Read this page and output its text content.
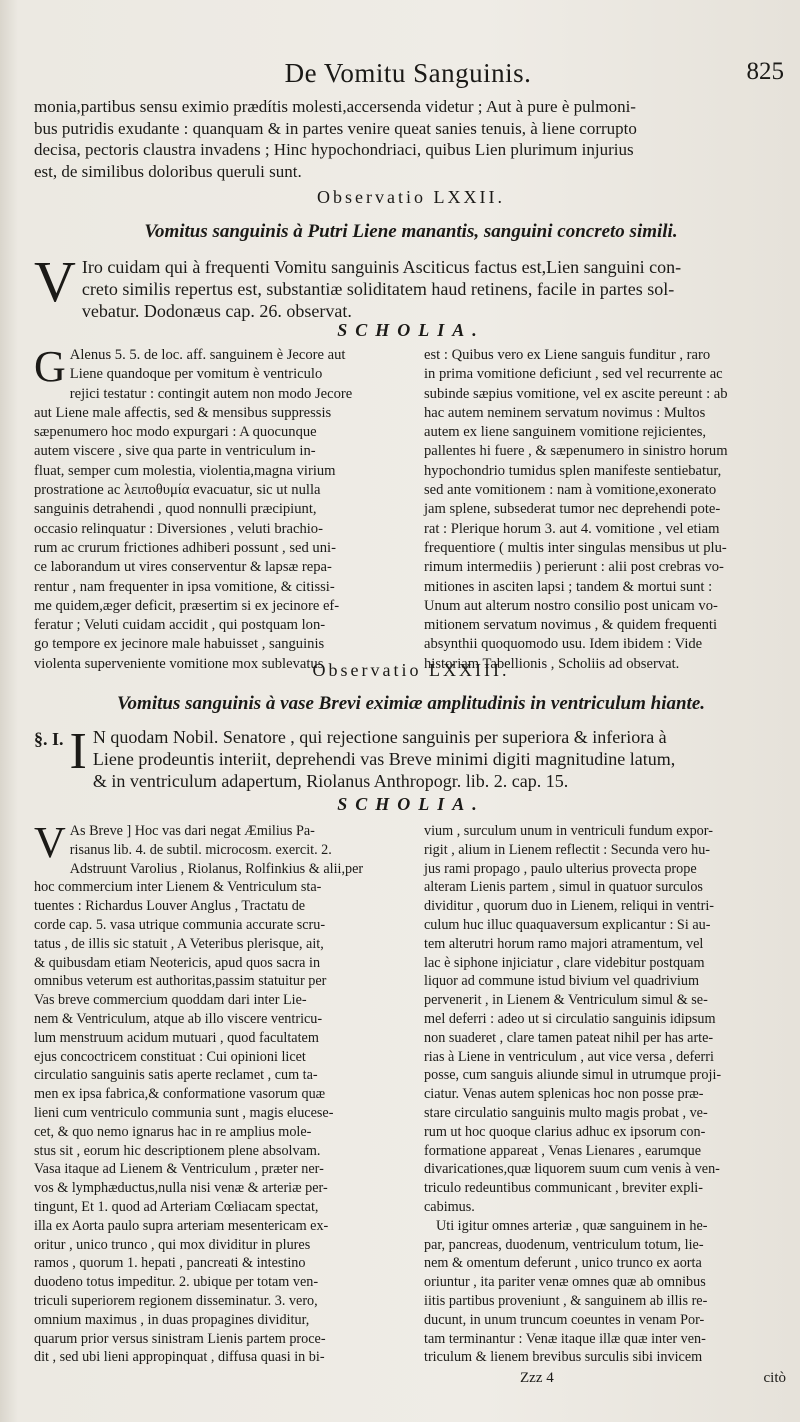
De Vomitu Sanguinis.	825

monia,partibus sensu eximio prædítis molesti,accersenda videtur ; Aut à pure è pulmoni-

bus putridis exudante : quanquam & in partes venire queat sanies tenuis, à liene corrupto

decisa, pectoris claustra invadens ; Hinc hypochondriaci, quibus Lien plurimum injurius

est, de similibus doloribus queruli sunt.

Observatio LXXII.
Vomitus sanguinis à Putri Liene manantis, sanguini concreto simili.
V Iro cuidam qui à frequenti Vomitu sanguinis Asciticus factus est,Lien sanguini con-

creto similis repertus est, substantiæ soliditatem haud retinens, facile in partes sol-

vebatur. Dodonæus cap. 26. observat.

SCHOLIA.
G Alenus 5. 5. de loc. aff. sanguinem è Jecore aut

Liene quandoque per vomitum è ventriculo

rejici testatur : contingit autem non modo Jecore

aut Liene male affectis, sed & mensibus suppressis

sæpenumero hoc modo expurgari : A quocunque

autem viscere , sive qua parte in ventriculum in-

fluat, semper cum molestia, violentia,magna virium

prostratione ac λειποθυμία evacuatur, sic ut nulla

sanguinis detrahendi , quod nonnulli præcipiunt,

occasio relinquatur : Diversiones , veluti brachio-

rum ac crurum frictiones adhiberi possunt , sed uni-

ce laborandum ut vires conserventur & lapsæ repa-

rentur , nam frequenter in ipsa vomitione, & citissi-

me quidem,æger deficit, præsertim si ex jecinore ef-

feratur ; Veluti cuidam accidit , qui postquam lon-

go tempore ex jecinore male habuisset , sanguinis

violenta superveniente vomitione mox sublevatus

est : Quibus vero ex Liene sanguis funditur , raro

in prima vomitione deficiunt , sed vel recurrente ac

subinde sæpius vomitione, vel ex ascite pereunt : ab

hac autem neminem servatum novimus : Multos

autem ex liene sanguinem vomitione rejicientes,

pallentes hi fuere , & sæpenumero in sinistro horum

hypochondrio tumidus splen manifeste sentiebatur,

sed ante vomitionem : nam à vomitione,exonerato

jam splene, subsederat tumor nec deprehendi pote-

rat : Plerique horum 3. aut 4. vomitione , vel etiam

frequentiore ( multis inter singulas mensibus ut plu-

rimum intermediis ) perierunt : alii post crebras vo-

mitiones in asciten lapsi ; tandem & mortui sunt :

Unum aut alterum nostro consilio post unicam vo-

mitionem servatum novimus , & quidem frequenti

absynthii quoquomodo usu. Idem ibidem : Vide

historiam Tabellionis , Scholiis ad observat.

Observatio LXXIII.
Vomitus sanguinis à vase Brevi eximiæ amplitudinis in ventriculum hiante.
§. I. I N quodam Nobil. Senatore , qui rejectione sanguinis per superiora & inferiora à

Liene prodeuntis interiit, deprehendi vas Breve minimi digiti magnitudine latum,

& in ventriculum adapertum, Riolanus Anthropogr. lib. 2. cap. 15.

SCHOLIA.
V As Breve ] Hoc vas dari negat Æmilius Pa-

risanus lib. 4. de subtil. microcosm. exercit. 2.

Adstruunt Varolius , Riolanus, Rolfinkius & alii,per

hoc commercium inter Lienem & Ventriculum sta-

tuentes : Richardus Louver Anglus , Tractatu de

corde cap. 5. vasa utrique communia accurate scru-

tatus , de illis sic statuit , A Veteribus plerisque, ait,

& quibusdam etiam Neotericis, apud quos sacra in

omnibus veterum est authoritas,passim statuitur per

Vas breve commercium quoddam dari inter Lie-

nem & Ventriculum, atque ab illo viscere ventricu-

lum menstruum acidum mutuari , quod facultatem

ejus concoctricem constituat : Cui opinioni licet

circulatio sanguinis satis aperte reclamet , cum ta-

men ex ipsa fabrica,& conformatione vasorum quæ

lieni cum ventriculo communia sunt , magis elucese-

cet, & quo nemo ignarus hac in re amplius mole-

stus sit , eorum hic descriptionem plene absolvam.

Vasa itaque ad Lienem & Ventriculum , præter ner-

vos & lymphæductus,nulla nisi venæ & arteriæ per-

tingunt, Et 1. quod ad Arteriam Cœliacam spectat,

illa ex Aorta paulo supra arteriam mesentericam ex-

oritur , unico trunco , qui mox dividitur in plures

ramos , quorum 1. hepati , pancreati & intestino

duodeno totus impeditur. 2. ubique per totam ven-

triculi superiorem regionem disseminatur. 3. vero,

omnium maximus , in duas propagines dividitur,

quarum prior versus sinistram Lienis partem proce-

dit , sed ubi lieni appropinquat , diffusa quasi in bi-

vium , surculum unum in ventriculi fundum expor-

rigit , alium in Lienem reflectit : Secunda vero hu-

jus rami propago , paulo ulterius provecta prope

alteram Lienis partem , simul in quatuor surculos

dividitur , quorum duo in Lienem, reliqui in ventri-

culum huc illuc quaquaversum explicantur : Si au-

tem alterutri horum ramo majori atramentum, vel

lac è siphone injiciatur , clare videbitur postquam

liquor ad commune istud bivium vel quadrivium

pervenerit , in Lienem & Ventriculum simul & se-

mel deferri : adeo ut si circulatio sanguinis idipsum

non suaderet , clare tamen pateat nihil per has arte-

rias à Liene in ventriculum , aut vice versa , deferri

posse, cum sanguis aliunde simul in utrumque proji-

ciatur. Venas autem splenicas hoc non posse præ-

stare circulatio sanguinis multo magis probat , ve-

rum ut hoc quoque clarius adhuc ex ipsorum con-

formatione appareat , Venas Lienares , earumque

divaricationes,quæ liquorem suum cum venis à ven-

triculo redeuntibus communicant , breviter expli-

cabimus.

Uti igitur omnes arteriæ , quæ sanguinem in he-

par, pancreas, duodenum, ventriculum totum, lie-

nem & omentum deferunt , unico trunco ex aorta

oriuntur , ita pariter venæ omnes quæ ab omnibus

iitis partibus proveniunt , & sanguinem ab illis re-

ducunt, in unum truncum coeuntes in venam Por-

tam terminantur : Venæ itaque illæ quæ inter ven-

triculum & lienem brevibus surculis sibi invicem

Zzz 4	citò
